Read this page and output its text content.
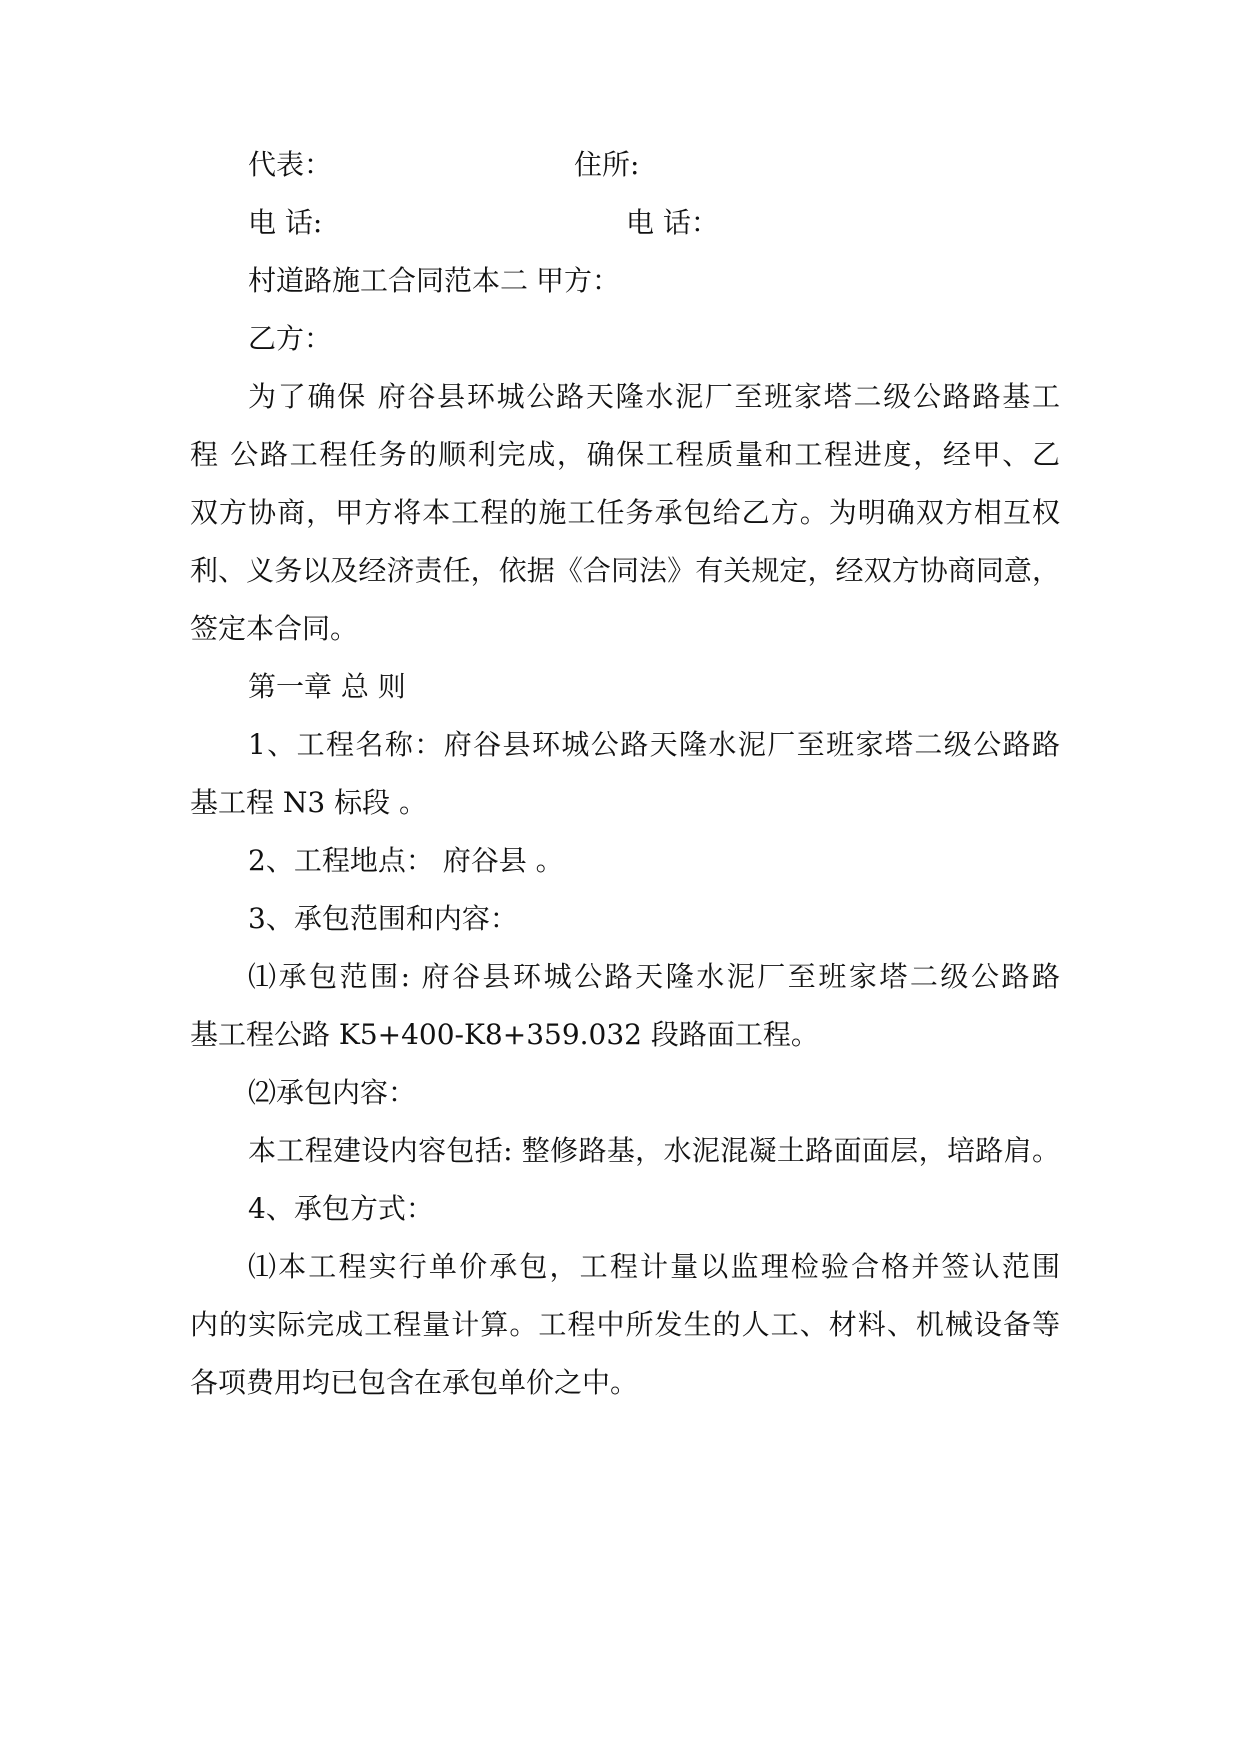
代表：	住所:
电 话:	电 话：
村道路施工合同范本二 甲方：
乙方：
为了确保 府谷县环城公路天隆水泥厂至班家塔二级公路路基工
程 公路工程任务的顺利完成，确保工程质量和工程进度，经甲、乙
双方协商，甲方将本工程的施工任务承包给乙方。为明确双方相互权
利、义务以及经济责任，依据《合同法》有关规定，经双方协商同意，
签定本合同。
第一章 总 则
1、工程名称：府谷县环城公路天隆水泥厂至班家塔二级公路路
基工程 N3 标段 。
2、工程地点： 府谷县 。
3、承包范围和内容：
⑴承包范围: 府谷县环城公路天隆水泥厂至班家塔二级公路路
基工程公路 K5+400-K8+359.032 段路面工程。
⑵承包内容：
本工程建设内容包括: 整修路基，水泥混凝土路面面层，培路肩。
4、承包方式：
⑴本工程实行单价承包，工程计量以监理检验合格并签认范围
内的实际完成工程量计算。工程中所发生的人工、材料、机械设备等
各项费用均已包含在承包单价之中。
